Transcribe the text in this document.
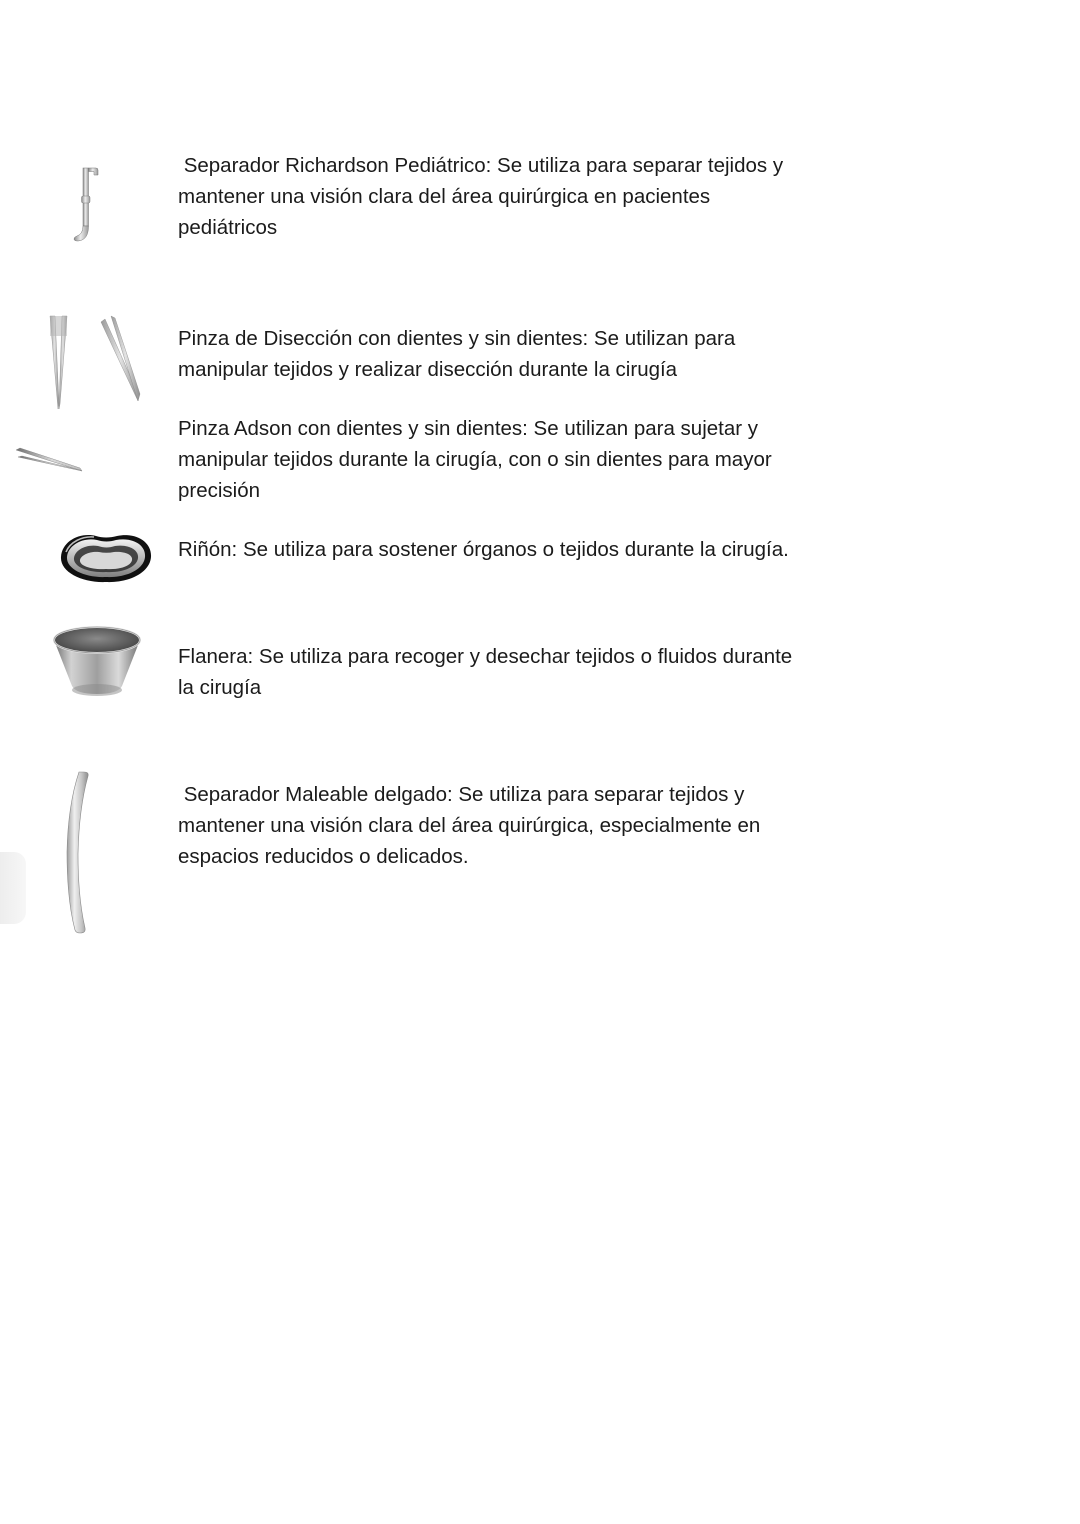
Separador Richardson Pediátrico: Se utiliza para separar tejidos y
mantener una visión clara del área quirúrgica en pacientes
pediátricos
Pinza de Disección con dientes y sin dientes: Se utilizan para
manipular tejidos y realizar disección durante la cirugía
Pinza Adson con dientes y sin dientes: Se utilizan para sujetar y
manipular tejidos durante la cirugía, con o sin dientes para mayor
precisión
Riñón: Se utiliza para sostener órganos o tejidos durante la cirugía.
Flanera: Se utiliza para recoger y desechar tejidos o fluidos durante
la cirugía
Separador Maleable delgado: Se utiliza para separar tejidos y
mantener una visión clara del área quirúrgica, especialmente en
espacios reducidos o delicados.
